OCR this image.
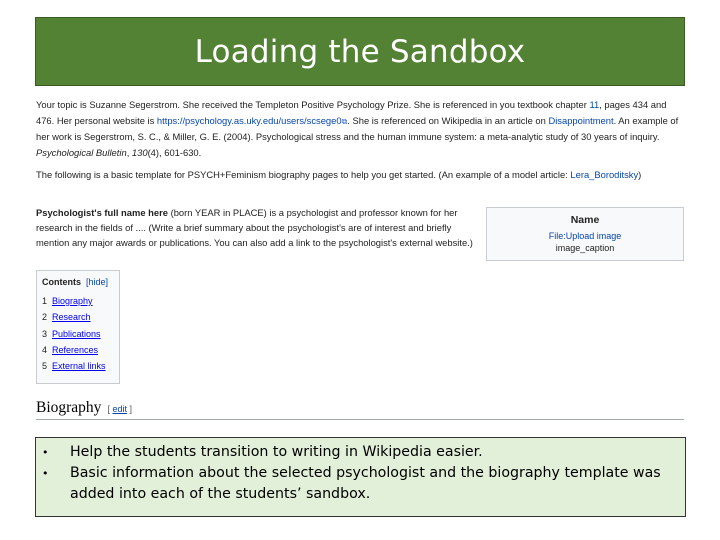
Loading the Sandbox

Your topic is Suzanne Segerstrom. She received the Templeton Positive Psychology Prize. She is referenced in you textbook chapter 11, pages 434 and 476. Her personal website is https://psychology.as.uky.edu/users/scsege0⧉. She is referenced on Wikipedia in an article on Disappointment. An example of her work is Segerstrom, S. C., & Miller, G. E. (2004). Psychological stress and the human immune system: a meta-analytic study of 30 years of inquiry. Psychological Bulletin, 130(4), 601-630.

The following is a basic template for PSYCH+Feminism biography pages to help you get started. (An example of a model article: Lera_Boroditsky)

Psychologist's full name here (born YEAR in PLACE) is a psychologist and professor known for her research in the fields of .... (Write a brief summary about the psychologist's are of interest and briefly mention any major awards or publications. You can also add a link to the psychologist's external website.)

Name
File:Upload image
image_caption
Contents [hide]
1 Biography
2 Research
3 Publications
4 References
5 External links
Biography [ edit ]
• Help the students transition to writing in Wikipedia easier.
• Basic information about the selected psychologist and the biography template was added into each of the students’ sandbox.
